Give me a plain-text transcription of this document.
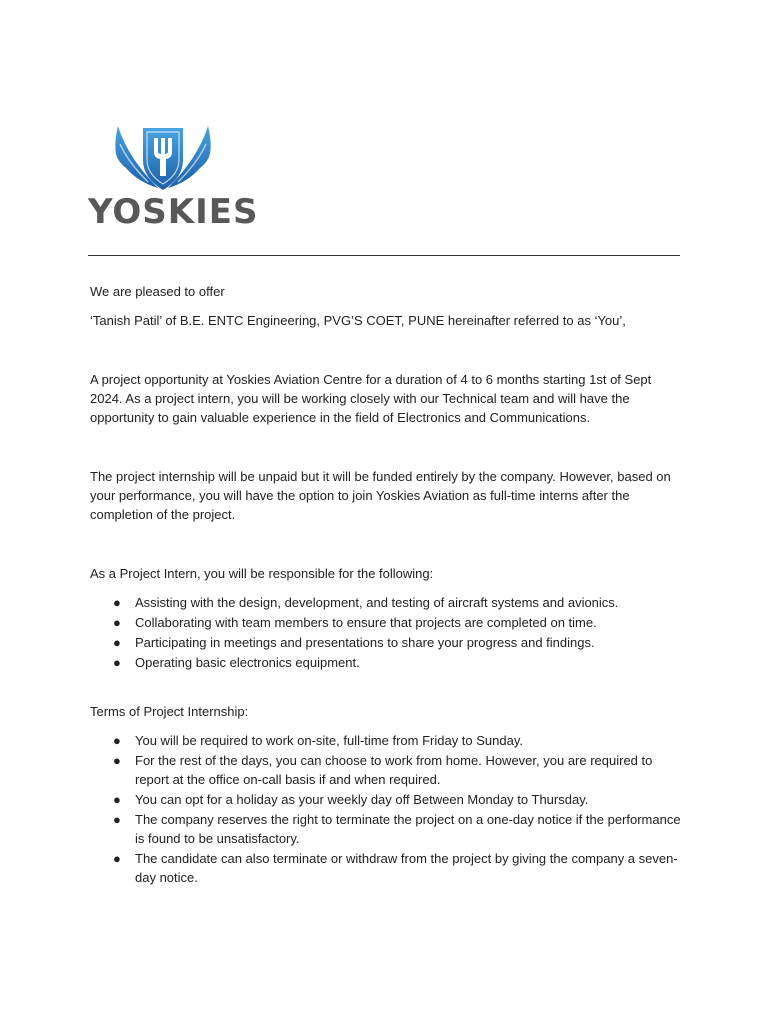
YOSKIES

We are pleased to offer

‘Tanish Patil’ of B.E. ENTC Engineering, PVG’S COET, PUNE hereinafter referred to as ‘You’,

A project opportunity at Yoskies Aviation Centre for a duration of 4 to 6 months starting 1st of Sept 2024. As a project intern, you will be working closely with our Technical team and will have the opportunity to gain valuable experience in the field of Electronics and Communications.

The project internship will be unpaid but it will be funded entirely by the company. However, based on your performance, you will have the option to join Yoskies Aviation as full-time interns after the completion of the project.

As a Project Intern, you will be responsible for the following:

● Assisting with the design, development, and testing of aircraft systems and avionics.
● Collaborating with team members to ensure that projects are completed on time.
● Participating in meetings and presentations to share your progress and findings.
● Operating basic electronics equipment.

Terms of Project Internship:

● You will be required to work on-site, full-time from Friday to Sunday.
● For the rest of the days, you can choose to work from home. However, you are required to report at the office on-call basis if and when required.
● You can opt for a holiday as your weekly day off Between Monday to Thursday.
● The company reserves the right to terminate the project on a one-day notice if the performance is found to be unsatisfactory.
● The candidate can also terminate or withdraw from the project by giving the company a seven-day notice.
